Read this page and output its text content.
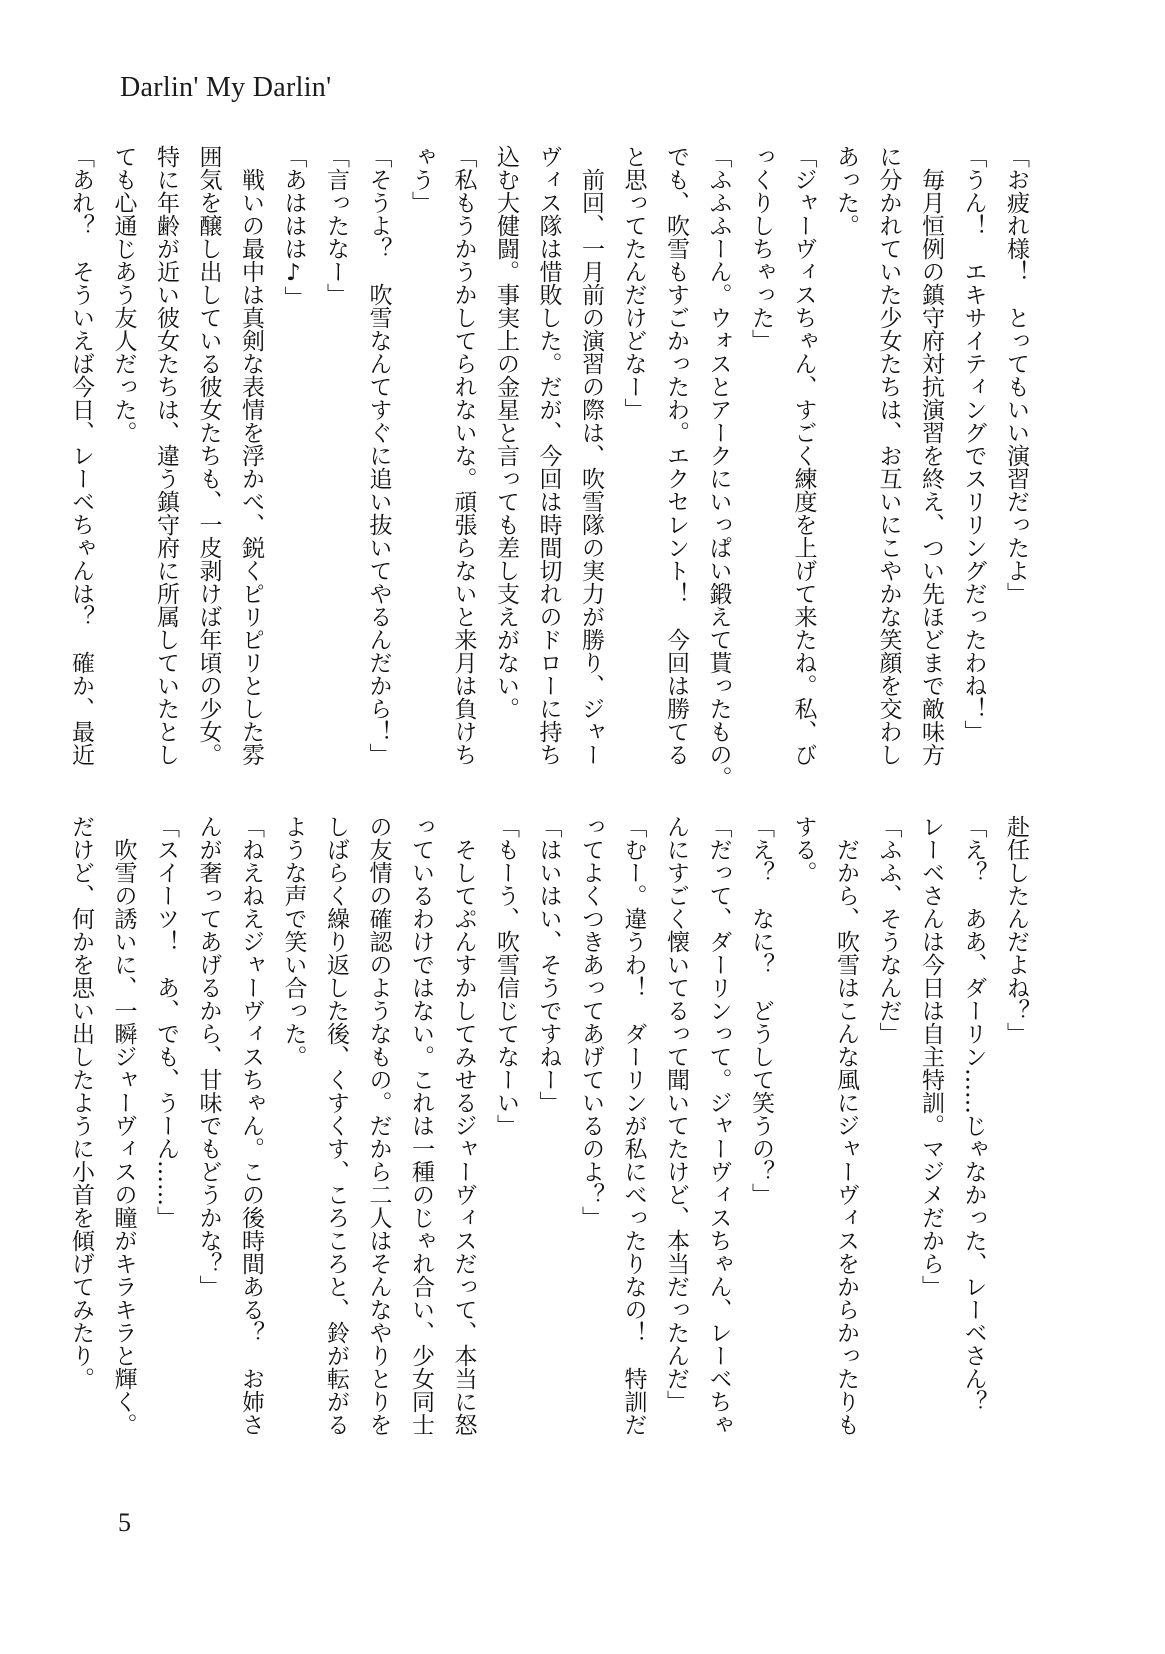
Darlin' My Darlin'
「お疲れ様！　とってもいい演習だったよ」
「うん！　エキサイティングでスリリングだったわね！」
　毎月恒例の鎮守府対抗演習を終え、つい先ほどまで敵味方
に分かれていた少女たちは、お互いにこやかな笑顔を交わし
あった。
「ジャーヴィスちゃん、すごく練度を上げて来たね。私、び
っくりしちゃった」
「ふふふーん。ウォスとアークにいっぱい鍛えて貰ったもの。
でも、吹雪もすごかったわ。エクセレント！　今回は勝てる
と思ってたんだけどなー」
　前回、一月前の演習の際は、吹雪隊の実力が勝り、ジャー
ヴィス隊は惜敗した。だが、今回は時間切れのドローに持ち
込む大健闘。事実上の金星と言っても差し支えがない。
「私もうかうかしてられないな。頑張らないと来月は負けち
ゃう」
「そうよ？　吹雪なんてすぐに追い抜いてやるんだから！」
「言ったなー」
「あははは♪」
　戦いの最中は真剣な表情を浮かべ、鋭くピリピリとした雰
囲気を醸し出している彼女たちも、一皮剥けば年頃の少女。
特に年齢が近い彼女たちは、違う鎮守府に所属していたとし
ても心通じあう友人だった。
「あれ？　そういえば今日、レーベちゃんは？　確か、最近
赴任したんだよね？」
「え？　ああ、ダーリン……じゃなかった、レーベさん？
レーベさんは今日は自主特訓。マジメだから」
「ふふ、そうなんだ」
　だから、吹雪はこんな風にジャーヴィスをからかったりも
する。
「え？　なに？　どうして笑うの？」
「だって、ダーリンって。ジャーヴィスちゃん、レーベちゃ
んにすごく懐いてるって聞いてたけど、本当だったんだ」
「むー。違うわ！　ダーリンが私にべったりなの！　特訓だ
ってよくつきあってあげているのよ？」
「はいはい、そうですねー」
「もーう、吹雪信じてなーい」
　そしてぷんすかしてみせるジャーヴィスだって、本当に怒
っているわけではない。これは一種のじゃれ合い、少女同士
の友情の確認のようなもの。だから二人はそんなやりとりを
しばらく繰り返した後、くすくす、ころころと、鈴が転がる
ような声で笑い合った。
「ねえねえジャーヴィスちゃん。この後時間ある？　お姉さ
んが奢ってあげるから、甘味でもどうかな？」
「スイーツ！　あ、でも、うーん……」
　吹雪の誘いに、一瞬ジャーヴィスの瞳がキラキラと輝く。
だけど、何かを思い出したように小首を傾げてみたり。
5
